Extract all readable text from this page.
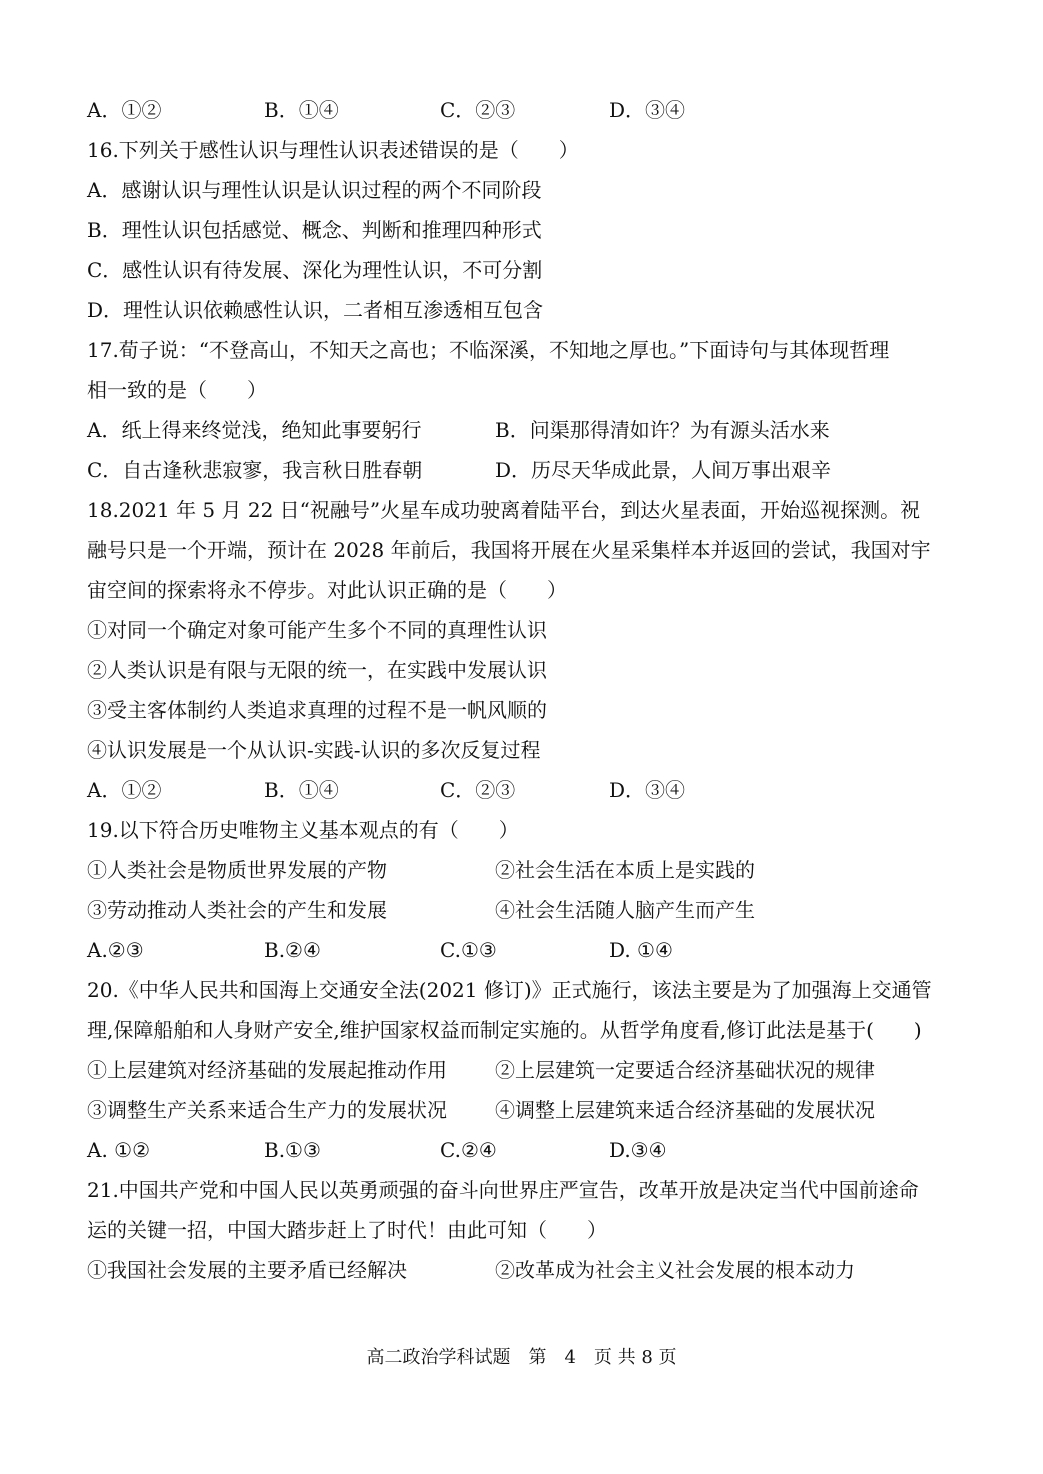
A．①②	B．①④	C．②③	D．③④
16.下列关于感性认识与理性认识表述错误的是（　　）
A．感谢认识与理性认识是认识过程的两个不同阶段
B．理性认识包括感觉、概念、判断和推理四种形式
C．感性认识有待发展、深化为理性认识，不可分割
D．理性认识依赖感性认识，二者相互渗透相互包含
17.荀子说：“不登高山，不知天之高也；不临深溪，不知地之厚也。”下面诗句与其体现哲理
相一致的是（　　）
A．纸上得来终觉浅，绝知此事要躬行	B．问渠那得清如许？为有源头活水来
C．自古逢秋悲寂寥，我言秋日胜春朝	D．历尽天华成此景，人间万事出艰辛
18.2021 年 5 月 22 日“祝融号”火星车成功驶离着陆平台，到达火星表面，开始巡视探测。祝
融号只是一个开端，预计在 2028 年前后，我国将开展在火星采集样本并返回的尝试，我国对宇
宙空间的探索将永不停步。对此认识正确的是（　　）
①对同一个确定对象可能产生多个不同的真理性认识
②人类认识是有限与无限的统一，在实践中发展认识
③受主客体制约人类追求真理的过程不是一帆风顺的
④认识发展是一个从认识-实践-认识的多次反复过程
A．①②	B．①④	C．②③	D．③④
19.以下符合历史唯物主义基本观点的有（　　）
①人类社会是物质世界发展的产物	②社会生活在本质上是实践的
③劳动推动人类社会的产生和发展	④社会生活随人脑产生而产生
A.②③	B.②④	C.①③	D. ①④
20.《中华人民共和国海上交通安全法(2021 修订)》正式施行，该法主要是为了加强海上交通管
理,保障船舶和人身财产安全,维护国家权益而制定实施的。从哲学角度看,修订此法是基于(　　)
①上层建筑对经济基础的发展起推动作用 ②上层建筑一定要适合经济基础状况的规律
③调整生产关系来适合生产力的发展状况 ④调整上层建筑来适合经济基础的发展状况
A. ①②	B.①③	C.②④	D.③④
21.中国共产党和中国人民以英勇顽强的奋斗向世界庄严宣告，改革开放是决定当代中国前途命
运的关键一招，中国大踏步赶上了时代！由此可知（　　）
①我国社会发展的主要矛盾已经解决	②改革成为社会主义社会发展的根本动力
高二政治学科试题　第　4　页 共 8 页
